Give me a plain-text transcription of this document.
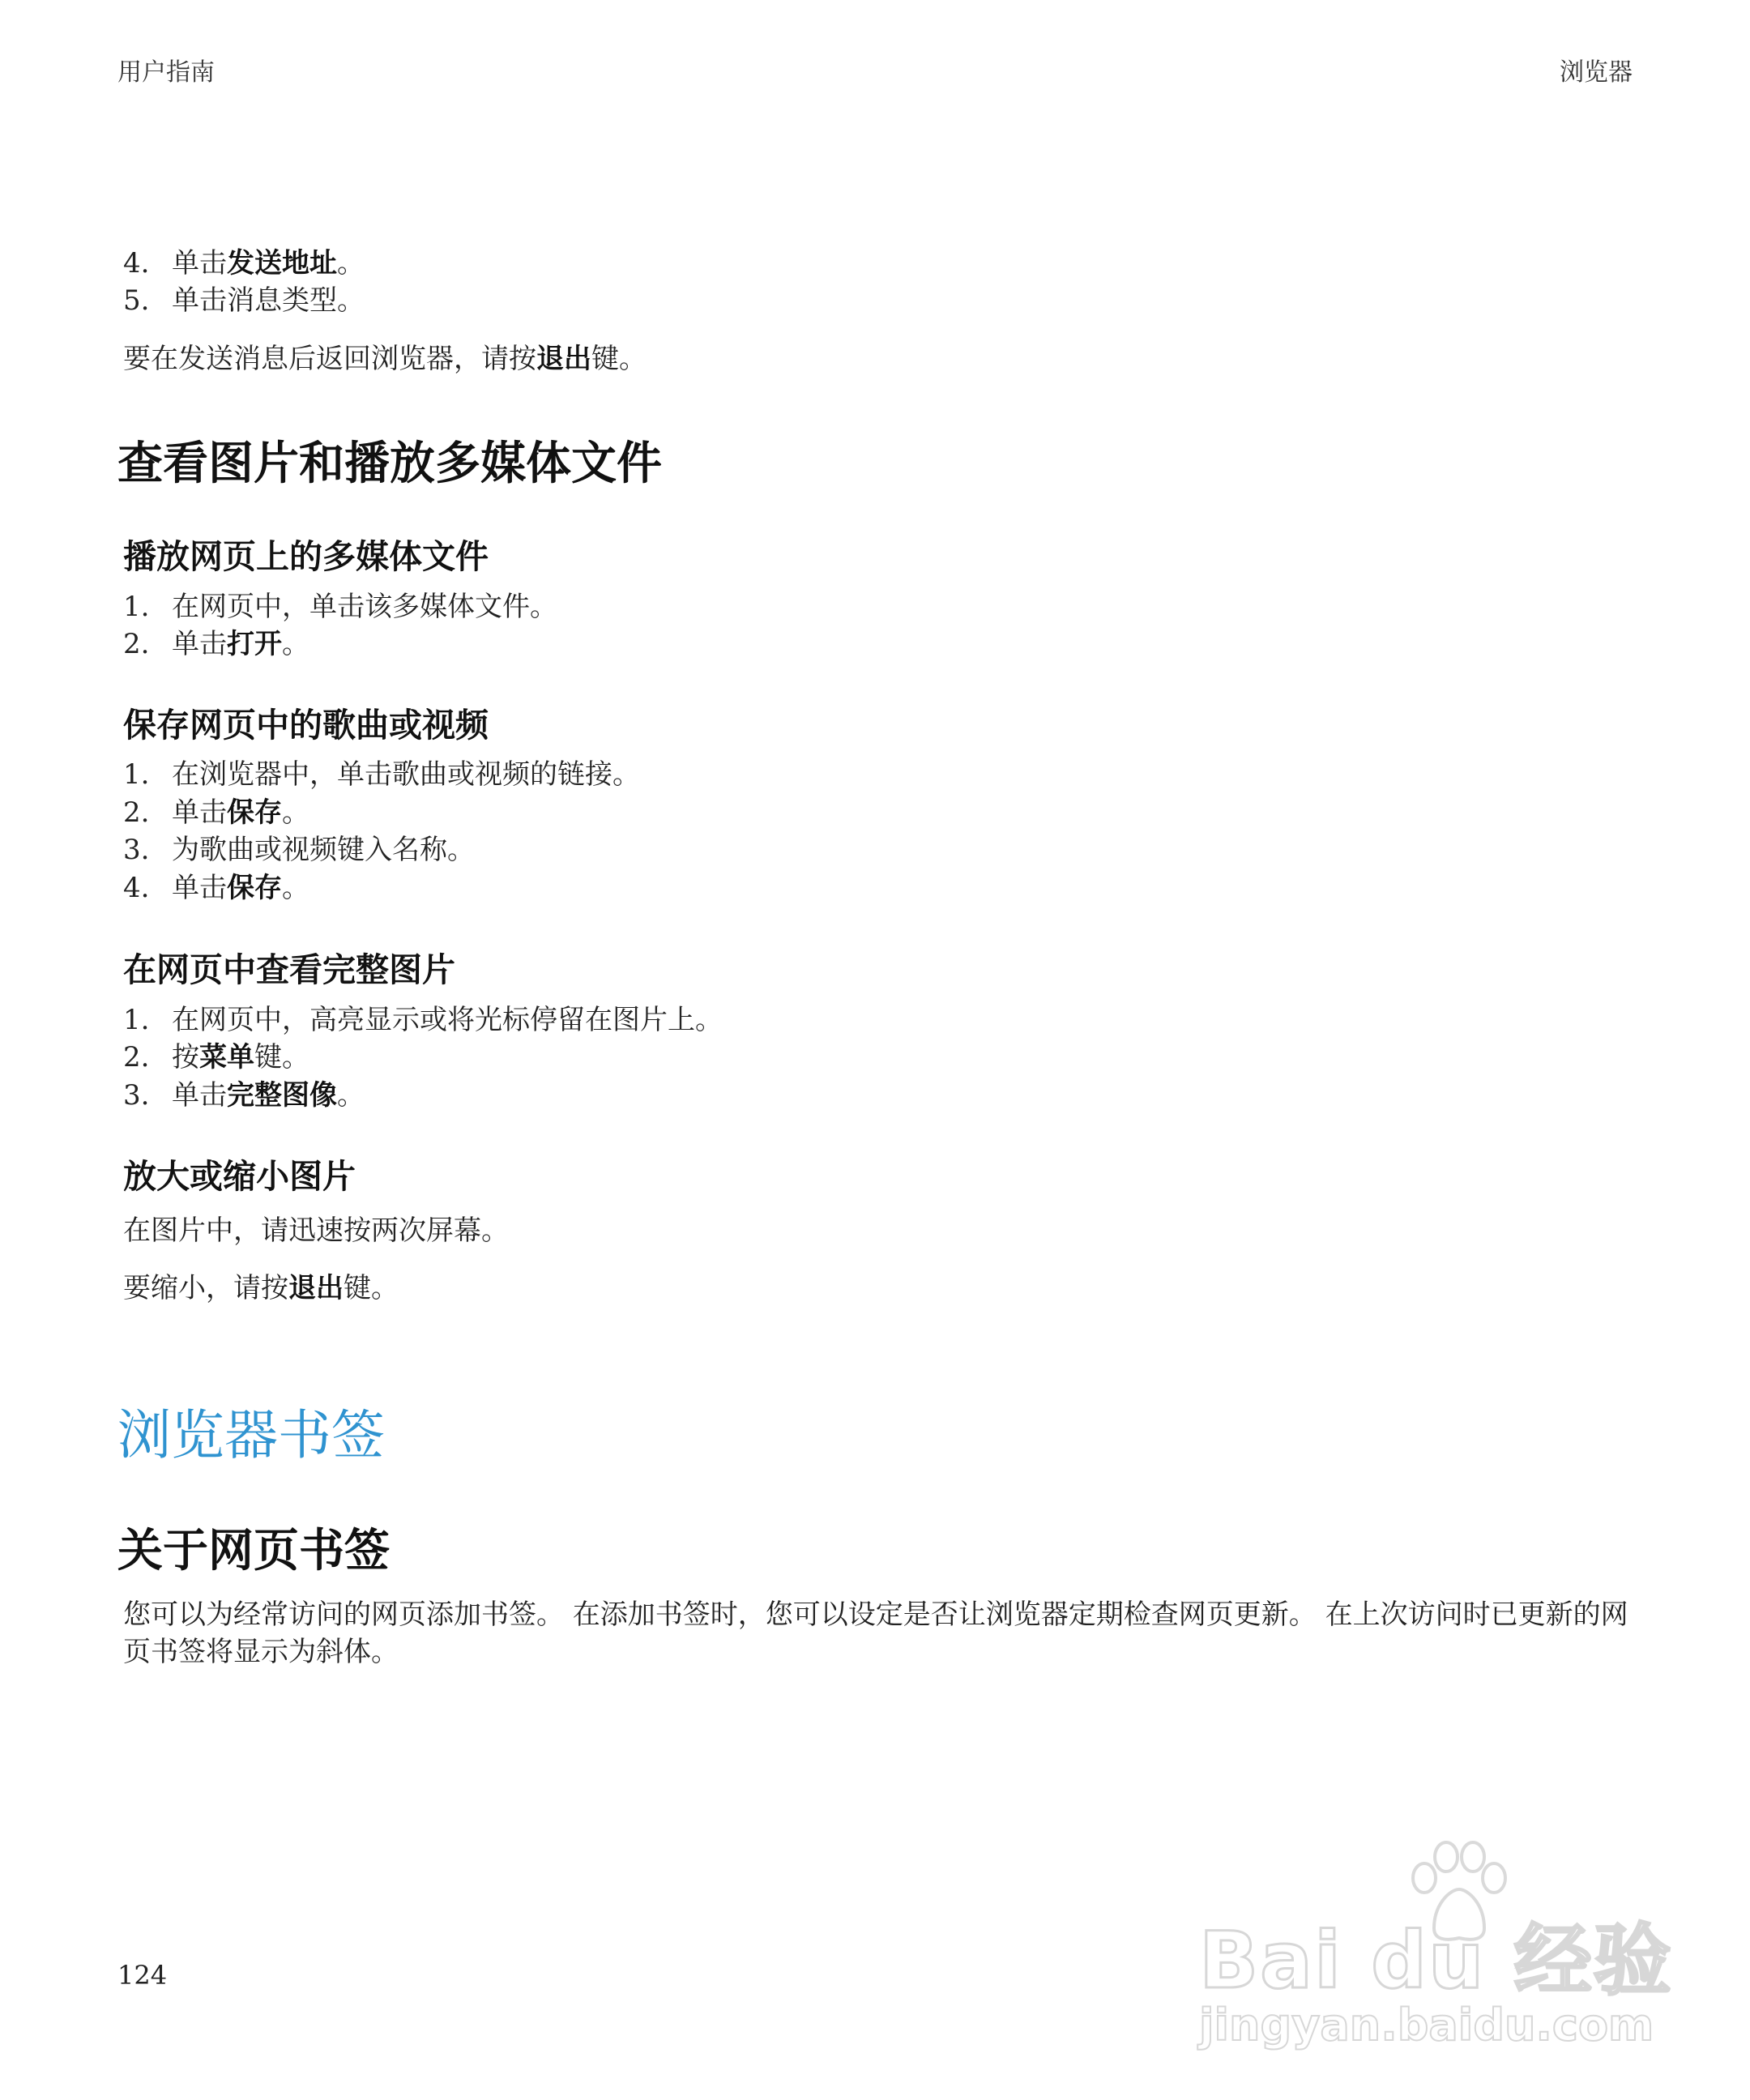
用户指南	浏览器
4. 单击发送地址。
5. 单击消息类型。
要在发送消息后返回浏览器，请按退出键。
查看图片和播放多媒体文件
播放网页上的多媒体文件
1. 在网页中，单击该多媒体文件。
2. 单击打开。
保存网页中的歌曲或视频
1. 在浏览器中，单击歌曲或视频的链接。
2. 单击保存。
3. 为歌曲或视频键入名称。
4. 单击保存。
在网页中查看完整图片
1. 在网页中，高亮显示或将光标停留在图片上。
2. 按菜单键。
3. 单击完整图像。
放大或缩小图片
在图片中，请迅速按两次屏幕。
要缩小，请按退出键。
浏览器书签
关于网页书签
您可以为经常访问的网页添加书签。 在添加书签时，您可以设定是否让浏览器定期检查网页更新。 在上次访问时已更新的网页书签将显示为斜体。
124	Bai du 经验
jingyan.baidu.com
